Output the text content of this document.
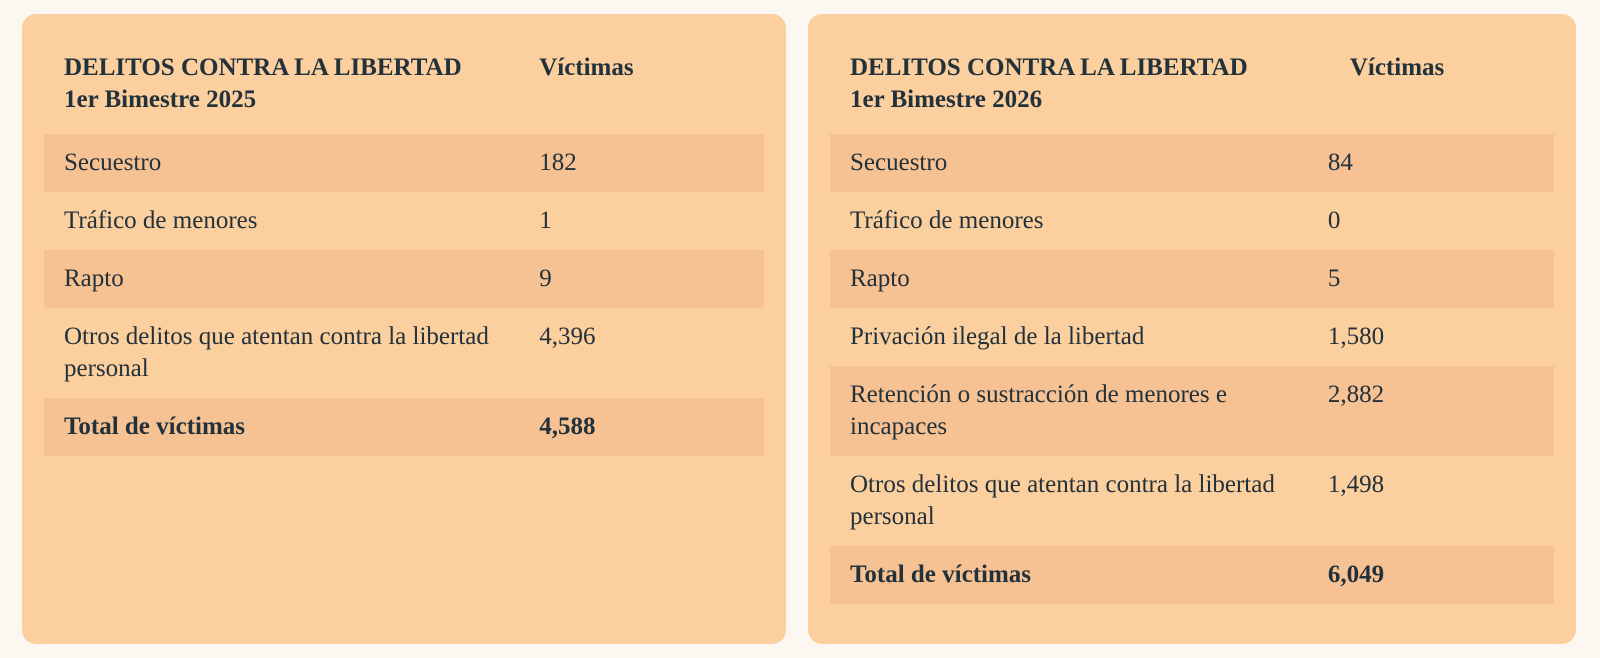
DELITOS CONTRA LA LIBERTAD
1er Bimestre 2025	Víctimas
Secuestro	182
Tráfico de menores	1
Rapto	9
Otros delitos que atentan contra la libertad personal	4,396
Total de víctimas	4,588
DELITOS CONTRA LA LIBERTAD
1er Bimestre 2026	Víctimas
Secuestro	84
Tráfico de menores	0
Rapto	5
Privación ilegal de la libertad	1,580
Retención o sustracción de menores e incapaces	2,882
Otros delitos que atentan contra la libertad personal	1,498
Total de víctimas	6,049
